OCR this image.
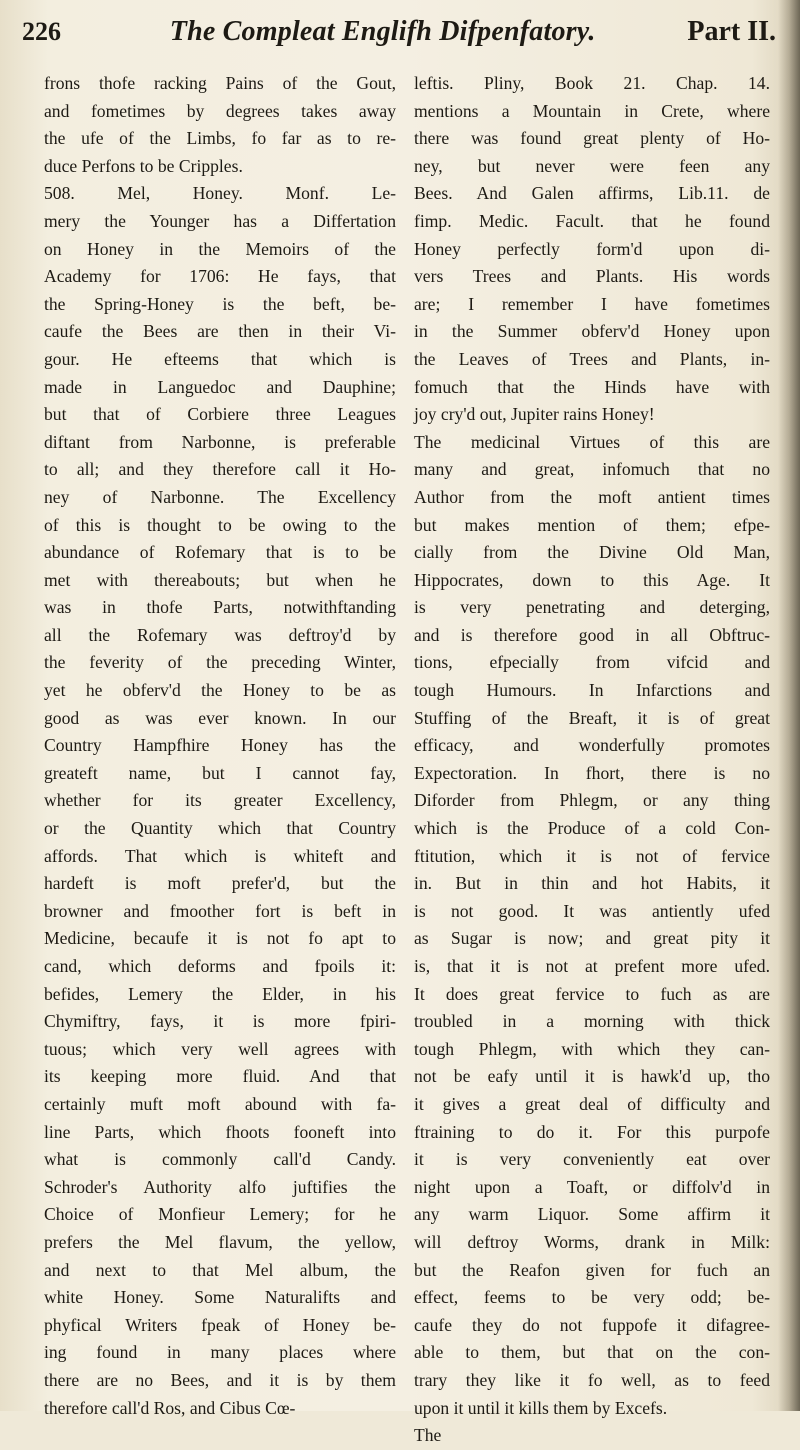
226	The Compleat Englifh Difpenfatory.	Part II.
frons thofe racking Pains of the Gout,
and fometimes by degrees takes away
the ufe of the Limbs, fo far as to re-
duce Perfons to be Cripples.
508. Mel, Honey. Monf. Le-
mery the Younger has a Differtation
on Honey in the Memoirs of the
Academy for 1706: He fays, that
the Spring-Honey is the beft, be-
caufe the Bees are then in their Vi-
gour. He efteems that which is
made in Languedoc and Dauphine;
but that of Corbiere three Leagues
diftant from Narbonne, is preferable
to all; and they therefore call it Ho-
ney of Narbonne. The Excellency
of this is thought to be owing to the
abundance of Rofemary that is to be
met with thereabouts; but when he
was in thofe Parts, notwithftanding
all the Rofemary was deftroy'd by
the feverity of the preceding Winter,
yet he obferv'd the Honey to be as
good as was ever known. In our
Country Hampfhire Honey has the
greateft name, but I cannot fay,
whether for its greater Excellency,
or the Quantity which that Country
affords. That which is whiteft and
hardeft is moft prefer'd, but the
browner and fmoother fort is beft in
Medicine, becaufe it is not fo apt to
cand, which deforms and fpoils it:
befides, Lemery the Elder, in his
Chymiftry, fays, it is more fpiri-
tuous; which very well agrees with
its keeping more fluid. And that
certainly muft moft abound with fa-
line Parts, which fhoots fooneft into
what is commonly call'd Candy.
Schroder's Authority alfo juftifies the
Choice of Monfieur Lemery; for he
prefers the Mel flavum, the yellow,
and next to that Mel album, the
white Honey. Some Naturalifts and
phyfical Writers fpeak of Honey be-
ing found in many places where
there are no Bees, and it is by them
therefore call'd Ros, and Cibus Cœ-
leftis. Pliny, Book 21. Chap. 14.
mentions a Mountain in Crete, where
there was found great plenty of Ho-
ney, but never were feen any
Bees. And Galen affirms, Lib.11. de
fimp. Medic. Facult. that he found
Honey perfectly form'd upon di-
vers Trees and Plants. His words
are; I remember I have fometimes
in the Summer obferv'd Honey upon
the Leaves of Trees and Plants, in-
fomuch that the Hinds have with
joy cry'd out, Jupiter rains Honey!
The medicinal Virtues of this are
many and great, infomuch that no
Author from the moft antient times
but makes mention of them; efpe-
cially from the Divine Old Man,
Hippocrates, down to this Age. It
is very penetrating and deterging,
and is therefore good in all Obftruc-
tions, efpecially from vifcid and
tough Humours. In Infarctions and
Stuffing of the Breaft, it is of great
efficacy, and wonderfully promotes
Expectoration. In fhort, there is no
Diforder from Phlegm, or any thing
which is the Produce of a cold Con-
ftitution, which it is not of fervice
in. But in thin and hot Habits, it
is not good. It was antiently ufed
as Sugar is now; and great pity it
is, that it is not at prefent more ufed.
It does great fervice to fuch as are
troubled in a morning with thick
tough Phlegm, with which they can-
not be eafy until it is hawk'd up, tho
it gives a great deal of difficulty and
ftraining to do it. For this purpofe
it is very conveniently eat over
night upon a Toaft, or diffolv'd in
any warm Liquor. Some affirm it
will deftroy Worms, drank in Milk:
but the Reafon given for fuch an
effect, feems to be very odd; be-
caufe they do not fuppofe it difagree-
able to them, but that on the con-
trary they like it fo well, as to feed
upon it until it kills them by Excefs.
The
